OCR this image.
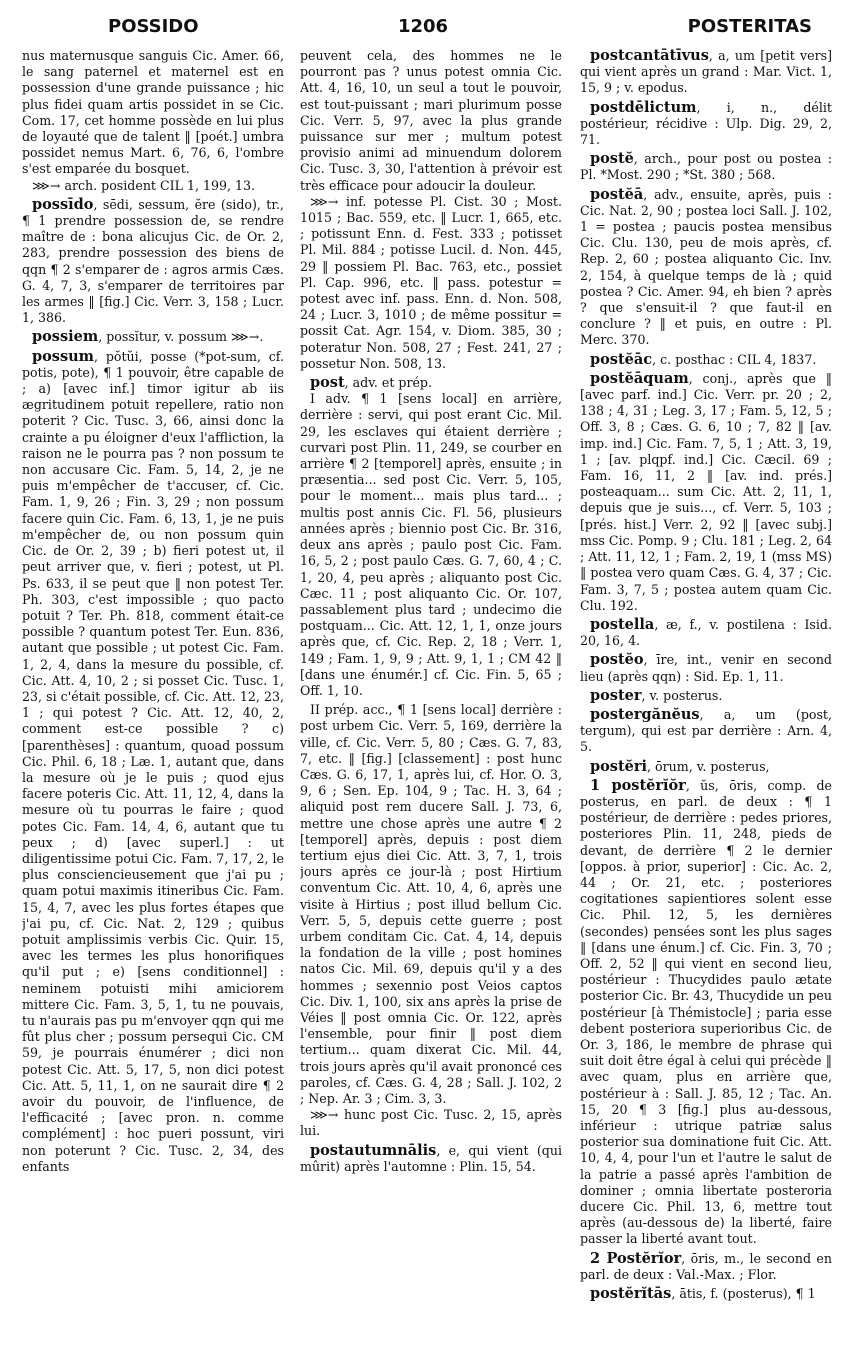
POSSIDO	1206	POSTERITAS

nus maternusque sanguis Cic. Amer. 66, le sang paternel et maternel est en possession d'une grande puissance ; hic plus fidei quam artis possidet in se Cic. Com. 17, cet homme possède en lui plus de loyauté que de talent ‖ [poét.] umbra possidet nemus Mart. 6, 76, 6, l'ombre s'est emparée du bosquet.

⋙→ arch. posident CIL 1, 199, 13.

possīdo, sēdi, sessum, ĕre (sido), tr., ¶ 1 prendre possession de, se rendre maître de : bona alicujus Cic. de Or. 2, 283, prendre possession des biens de qqn ¶ 2 s'emparer de : agros armis Cæs. G. 4, 7, 3, s'emparer de territoires par les armes ‖ [fig.] Cic. Verr. 3, 158 ; Lucr. 1, 386.

possiem, possĭtur, v. possum ⋙→.

possum, pŏtŭi, posse (*pot-sum, cf. potis, pote), ¶ 1 pouvoir, être capable de ; a) [avec inf.] timor igitur ab iis ægritudinem potuit repellere, ratio non poterit ? Cic. Tusc. 3, 66, ainsi donc la crainte a pu éloigner d'eux l'affliction, la raison ne le pourra pas ? non possum te non accusare Cic. Fam. 5, 14, 2, je ne puis m'empêcher de t'accuser, cf. Cic. Fam. 1, 9, 26 ; Fin. 3, 29 ; non possum facere quin Cic. Fam. 6, 13, 1, je ne puis m'empêcher de, ou non possum quin Cic. de Or. 2, 39 ; b) fieri potest ut, il peut arriver que, v. fieri ; potest, ut Pl. Ps. 633, il se peut que ‖ non potest Ter. Ph. 303, c'est impossible ; quo pacto potuit ? Ter. Ph. 818, comment était-ce possible ? quantum potest Ter. Eun. 836, autant que possible ; ut potest Cic. Fam. 1, 2, 4, dans la mesure du possible, cf. Cic. Att. 4, 10, 2 ; si posset Cic. Tusc. 1, 23, si c'était possible, cf. Cic. Att. 12, 23, 1 ; qui potest ? Cic. Att. 12, 40, 2, comment est-ce possible ? c) [parenthèses] : quantum, quoad possum Cic. Phil. 6, 18 ; Læ. 1, autant que, dans la mesure où je le puis ; quod ejus facere poteris Cic. Att. 11, 12, 4, dans la mesure où tu pourras le faire ; quod potes Cic. Fam. 14, 4, 6, autant que tu peux ; d) [avec superl.] : ut diligentissime potui Cic. Fam. 7, 17, 2, le plus consciencieusement que j'ai pu ; quam potui maximis itineribus Cic. Fam. 15, 4, 7, avec les plus fortes étapes que j'ai pu, cf. Cic. Nat. 2, 129 ; quibus potuit amplissimis verbis Cic. Quir. 15, avec les termes les plus honorifiques qu'il put ; e) [sens conditionnel] : neminem potuisti mihi amiciorem mittere Cic. Fam. 3, 5, 1, tu ne pouvais, tu n'aurais pas pu m'envoyer qqn qui me fût plus cher ; possum persequi Cic. CM 59, je pourrais énumérer ; dici non potest Cic. Att. 5, 17, 5, non dici potest Cic. Att. 5, 11, 1, on ne saurait dire ¶ 2 avoir du pouvoir, de l'influence, de l'efficacité ; [avec pron. n. comme complément] : hoc pueri possunt, viri non poterunt ? Cic. Tusc. 2, 34, des enfants

peuvent cela, des hommes ne le pourront pas ? unus potest omnia Cic. Att. 4, 16, 10, un seul a tout le pouvoir, est tout-puissant ; mari plurimum posse Cic. Verr. 5, 97, avec la plus grande puissance sur mer ; multum potest provisio animi ad minuendum dolorem Cic. Tusc. 3, 30, l'attention à prévoir est très efficace pour adoucir la douleur.

⋙→ inf. potesse Pl. Cist. 30 ; Most. 1015 ; Bac. 559, etc. ‖ Lucr. 1, 665, etc. ; potissunt Enn. d. Fest. 333 ; potisset Pl. Mil. 884 ; potisse Lucil. d. Non. 445, 29 ‖ possiem Pl. Bac. 763, etc., possiet Pl. Cap. 996, etc. ‖ pass. potestur = potest avec inf. pass. Enn. d. Non. 508, 24 ; Lucr. 3, 1010 ; de même possitur = possit Cat. Agr. 154, v. Diom. 385, 30 ; poteratur Non. 508, 27 ; Fest. 241, 27 ; possetur Non. 508, 13.

post, adv. et prép.

I adv. ¶ 1 [sens local] en arrière, derrière : servi, qui post erant Cic. Mil. 29, les esclaves qui étaient derrière ; curvari post Plin. 11, 249, se courber en arrière ¶ 2 [temporel] après, ensuite ; in præsentia... sed post Cic. Verr. 5, 105, pour le moment... mais plus tard... ; multis post annis Cic. Fl. 56, plusieurs années après ; biennio post Cic. Br. 316, deux ans après ; paulo post Cic. Fam. 16, 5, 2 ; post paulo Cæs. G. 7, 60, 4 ; C. 1, 20, 4, peu après ; aliquanto post Cic. Cæc. 11 ; post aliquanto Cic. Or. 107, passablement plus tard ; undecimo die postquam... Cic. Att. 12, 1, 1, onze jours après que, cf. Cic. Rep. 2, 18 ; Verr. 1, 149 ; Fam. 1, 9, 9 ; Att. 9, 1, 1 ; CM 42 ‖ [dans une énumér.] cf. Cic. Fin. 5, 65 ; Off. 1, 10.

II prép. acc., ¶ 1 [sens local] derrière : post urbem Cic. Verr. 5, 169, derrière la ville, cf. Cic. Verr. 5, 80 ; Cæs. G. 7, 83, 7, etc. ‖ [fig.] [classement] : post hunc Cæs. G. 6, 17, 1, après lui, cf. Hor. O. 3, 9, 6 ; Sen. Ep. 104, 9 ; Tac. H. 3, 64 ; aliquid post rem ducere Sall. J. 73, 6, mettre une chose après une autre ¶ 2 [temporel] après, depuis : post diem tertium ejus diei Cic. Att. 3, 7, 1, trois jours après ce jour-là ; post Hirtium conventum Cic. Att. 10, 4, 6, après une visite à Hirtius ; post illud bellum Cic. Verr. 5, 5, depuis cette guerre ; post urbem conditam Cic. Cat. 4, 14, depuis la fondation de la ville ; post homines natos Cic. Mil. 69, depuis qu'il y a des hommes ; sexennio post Veios captos Cic. Div. 1, 100, six ans après la prise de Véies ‖ post omnia Cic. Or. 122, après l'ensemble, pour finir ‖ post diem tertium... quam dixerat Cic. Mil. 44, trois jours après qu'il avait prononcé ces paroles, cf. Cæs. G. 4, 28 ; Sall. J. 102, 2 ; Nep. Ar. 3 ; Cim. 3, 3.

⋙→ hunc post Cic. Tusc. 2, 15, après lui.

postautumnālis, e, qui vient (qui mûrit) après l'automne : Plin. 15, 54.

postcantātīvus, a, um [petit vers] qui vient après un grand : Mar. Vict. 1, 15, 9 ; v. epodus.

postdēlictum, i, n., délit postérieur, récidive : Ulp. Dig. 29, 2, 71.

postĕ, arch., pour post ou postea : Pl. *Most. 290 ; *St. 380 ; 568.

postĕā, adv., ensuite, après, puis : Cic. Nat. 2, 90 ; postea loci Sall. J. 102, 1 = postea ; paucis postea mensibus Cic. Clu. 130, peu de mois après, cf. Rep. 2, 60 ; postea aliquanto Cic. Inv. 2, 154, à quelque temps de là ; quid postea ? Cic. Amer. 94, eh bien ? après ? que s'ensuit-il ? que faut-il en conclure ? ‖ et puis, en outre : Pl. Merc. 370.

postĕāc, c. posthac : CIL 4, 1837.

postĕāquam, conj., après que ‖ [avec parf. ind.] Cic. Verr. pr. 20 ; 2, 138 ; 4, 31 ; Leg. 3, 17 ; Fam. 5, 12, 5 ; Off. 3, 8 ; Cæs. G. 6, 10 ; 7, 82 ‖ [av. imp. ind.] Cic. Fam. 7, 5, 1 ; Att. 3, 19, 1 ; [av. plqpf. ind.] Cic. Cæcil. 69 ; Fam. 16, 11, 2 ‖ [av. ind. prés.] posteaquam... sum Cic. Att. 2, 11, 1, depuis que je suis..., cf. Verr. 5, 103 ; [prés. hist.] Verr. 2, 92 ‖ [avec subj.] mss Cic. Pomp. 9 ; Clu. 181 ; Leg. 2, 64 ; Att. 11, 12, 1 ; Fam. 2, 19, 1 (mss MS) ‖ postea vero quam Cæs. G. 4, 37 ; Cic. Fam. 3, 7, 5 ; postea autem quam Cic. Clu. 192.

postella, æ, f., v. postilena : Isid. 20, 16, 4.

postĕo, īre, int., venir en second lieu (après qqn) : Sid. Ep. 1, 11.

poster, v. posterus.

postergănĕus, a, um (post, tergum), qui est par derrière : Arn. 4, 5.

postĕri, ōrum, v. posterus,

1 postĕrĭŏr, ŭs, ōris, comp. de posterus, en parl. de deux : ¶ 1 postérieur, de derrière : pedes priores, posteriores Plin. 11, 248, pieds de devant, de derrière ¶ 2 le dernier [oppos. à prior, superior] : Cic. Ac. 2, 44 ; Or. 21, etc. ; posteriores cogitationes sapientiores solent esse Cic. Phil. 12, 5, les dernières (secondes) pensées sont les plus sages ‖ [dans une énum.] cf. Cic. Fin. 3, 70 ; Off. 2, 52 ‖ qui vient en second lieu, postérieur : Thucydides paulo ætate posterior Cic. Br. 43, Thucydide un peu postérieur [à Thémistocle] ; paria esse debent posteriora superioribus Cic. de Or. 3, 186, le membre de phrase qui suit doit être égal à celui qui précède ‖ avec quam, plus en arrière que, postérieur à : Sall. J. 85, 12 ; Tac. An. 15, 20 ¶ 3 [fig.] plus au-dessous, inférieur : utrique patriæ salus posterior sua dominatione fuit Cic. Att. 10, 4, 4, pour l'un et l'autre le salut de la patrie a passé après l'ambition de dominer ; omnia libertate posteroria ducere Cic. Phil. 13, 6, mettre tout après (au-dessous de) la liberté, faire passer la liberté avant tout.

2 Postĕrĭor, ōris, m., le second en parl. de deux : Val.-Max. ; Flor.

postĕrĭtās, ātis, f. (posterus), ¶ 1
